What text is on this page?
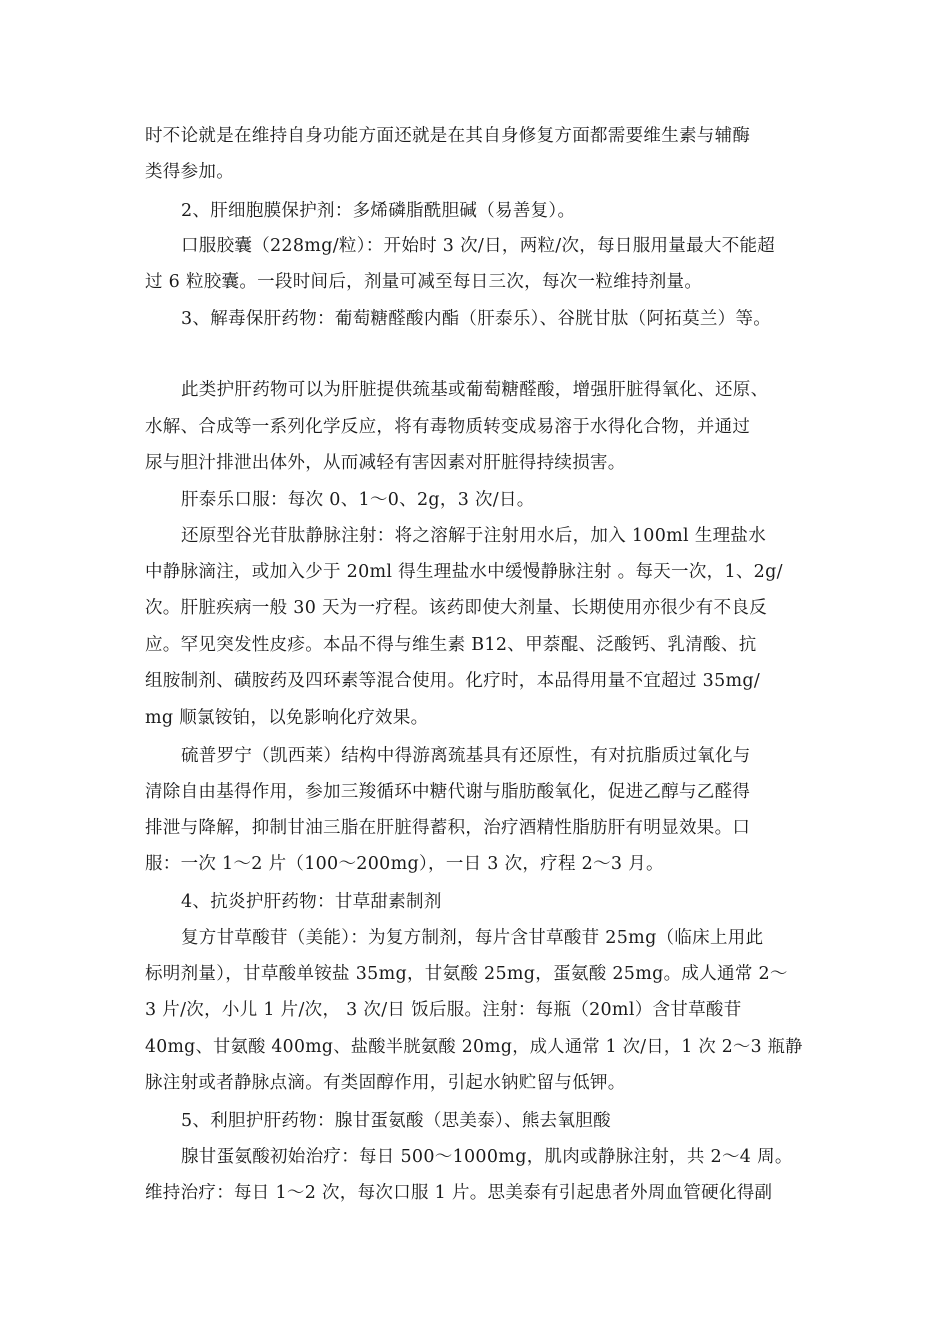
时不论就是在维持自身功能方面还就是在其自身修复方面都需要维生素与辅酶
类得参加。
2、肝细胞膜保护剂：多烯磷脂酰胆碱（易善复）。
口服胶囊（228mg/粒）：开始时 3 次/日，两粒/次，每日服用量最大不能超
过 6 粒胶囊。一段时间后，剂量可减至每日三次，每次一粒维持剂量。
3、解毒保肝药物：葡萄糖醛酸内酯（肝泰乐）、谷胱甘肽（阿拓莫兰）等。
此类护肝药物可以为肝脏提供巯基或葡萄糖醛酸，增强肝脏得氧化、还原、
水解、合成等一系列化学反应，将有毒物质转变成易溶于水得化合物，并通过
尿与胆汁排泄出体外，从而减轻有害因素对肝脏得持续损害。
肝泰乐口服：每次 0、1～0、2g，3 次/日。
还原型谷光苷肽静脉注射：将之溶解于注射用水后，加入 100ml 生理盐水
中静脉滴注，或加入少于 20ml 得生理盐水中缓慢静脉注射 。每天一次，1、2g/
次。肝脏疾病一般 30 天为一疗程。该药即使大剂量、长期使用亦很少有不良反
应。罕见突发性皮疹。本品不得与维生素 B12、甲萘醌、泛酸钙、乳清酸、抗
组胺制剂、磺胺药及四环素等混合使用。化疗时，本品得用量不宜超过 35mg/
mg 顺氯铵铂，以免影响化疗效果。
硫普罗宁（凯西莱）结构中得游离巯基具有还原性，有对抗脂质过氧化与
清除自由基得作用，参加三羧循环中糖代谢与脂肪酸氧化，促进乙醇与乙醛得
排泄与降解，抑制甘油三脂在肝脏得蓄积，治疗酒精性脂肪肝有明显效果。口
服：一次 1～2 片（100～200mg），一日 3 次，疗程 2～3 月。
4、抗炎护肝药物：甘草甜素制剂
复方甘草酸苷（美能）：为复方制剂，每片含甘草酸苷 25mg（临床上用此
标明剂量），甘草酸单铵盐 35mg，甘氨酸 25mg，蛋氨酸 25mg。成人通常 2～
3 片/次，小儿 1 片/次， 3 次/日 饭后服。注射：每瓶（20ml）含甘草酸苷
40mg、甘氨酸 400mg、盐酸半胱氨酸 20mg，成人通常 1 次/日，1 次 2～3 瓶静
脉注射或者静脉点滴。有类固醇作用，引起水钠贮留与低钾。
5、利胆护肝药物：腺甘蛋氨酸（思美泰）、熊去氧胆酸
腺甘蛋氨酸初始治疗：每日 500～1000mg，肌肉或静脉注射，共 2～4 周。
维持治疗：每日 1～2 次，每次口服 1 片。思美泰有引起患者外周血管硬化得副
